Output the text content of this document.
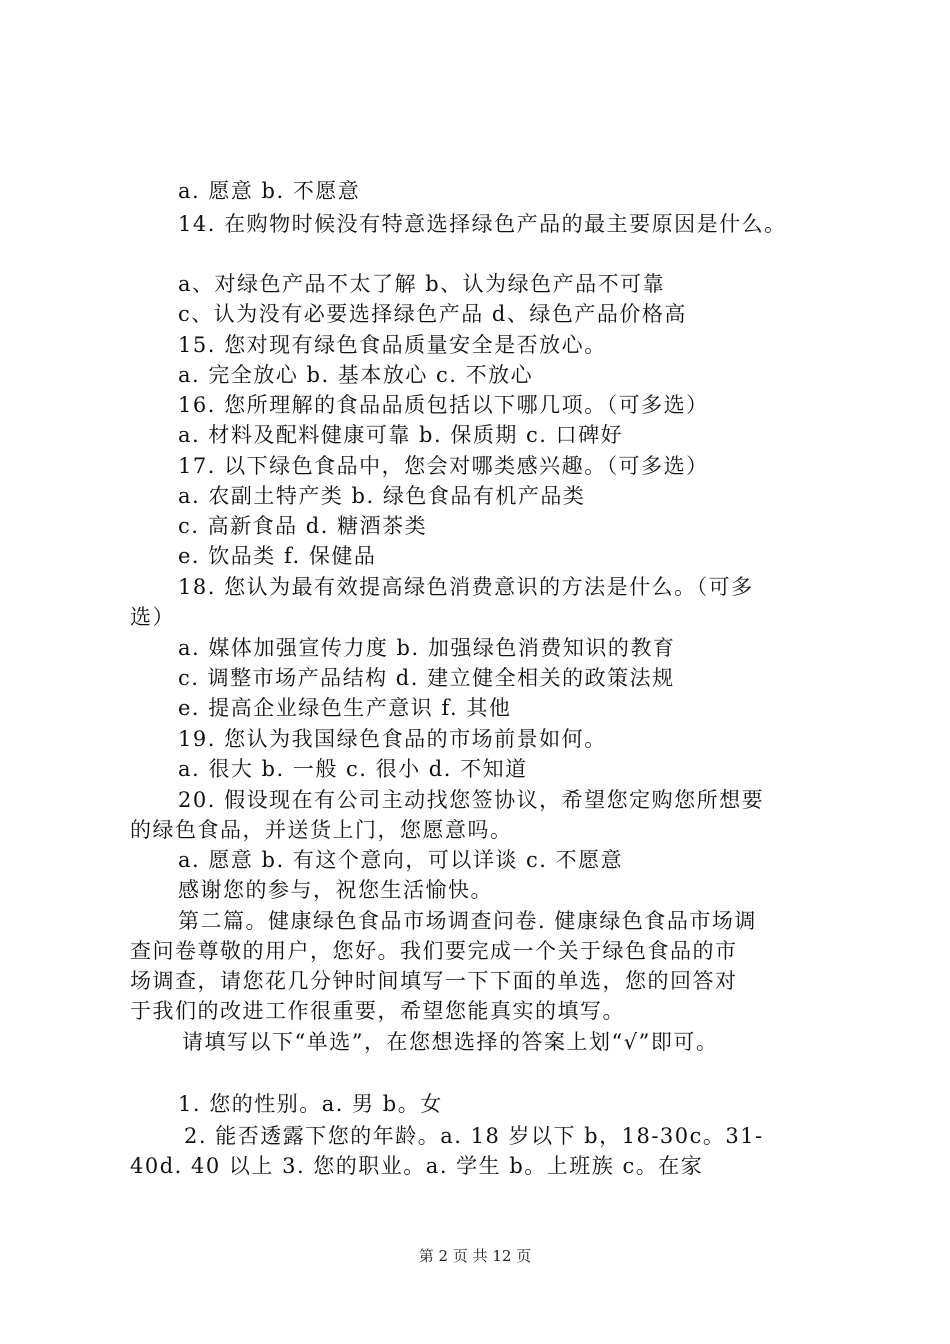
a. 愿意 b. 不愿意
14. 在购物时候没有特意选择绿色产品的最主要原因是什么。
a、对绿色产品不太了解 b、认为绿色产品不可靠
c、认为没有必要选择绿色产品 d、绿色产品价格高
15. 您对现有绿色食品质量安全是否放心。
a. 完全放心 b. 基本放心 c. 不放心
16. 您所理解的食品品质包括以下哪几项。（可多选）
a. 材料及配料健康可靠 b. 保质期 c. 口碑好
17. 以下绿色食品中，您会对哪类感兴趣。（可多选）
a. 农副土特产类 b. 绿色食品有机产品类
c. 高新食品 d. 糖酒茶类
e. 饮品类 f. 保健品
18. 您认为最有效提高绿色消费意识的方法是什么。（可多
选）
a. 媒体加强宣传力度 b. 加强绿色消费知识的教育
c. 调整市场产品结构 d. 建立健全相关的政策法规
e. 提高企业绿色生产意识 f. 其他
19. 您认为我国绿色食品的市场前景如何。
a. 很大 b. 一般 c. 很小 d. 不知道
20. 假设现在有公司主动找您签协议，希望您定购您所想要
的绿色食品，并送货上门，您愿意吗。
a. 愿意 b. 有这个意向，可以详谈 c. 不愿意
感谢您的参与，祝您生活愉快。
第二篇。健康绿色食品市场调查问卷. 健康绿色食品市场调
查问卷尊敬的用户，您好。我们要完成一个关于绿色食品的市
场调查，请您花几分钟时间填写一下下面的单选，您的回答对
于我们的改进工作很重要，希望您能真实的填写。
请填写以下“单选”，在您想选择的答案上划“√”即可。
1. 您的性别。a. 男 b。女
2. 能否透露下您的年龄。a. 18 岁以下 b，18-30c。31-
40d. 40 以上 3. 您的职业。a. 学生 b。上班族 c。在家
第 2 页 共 12 页
